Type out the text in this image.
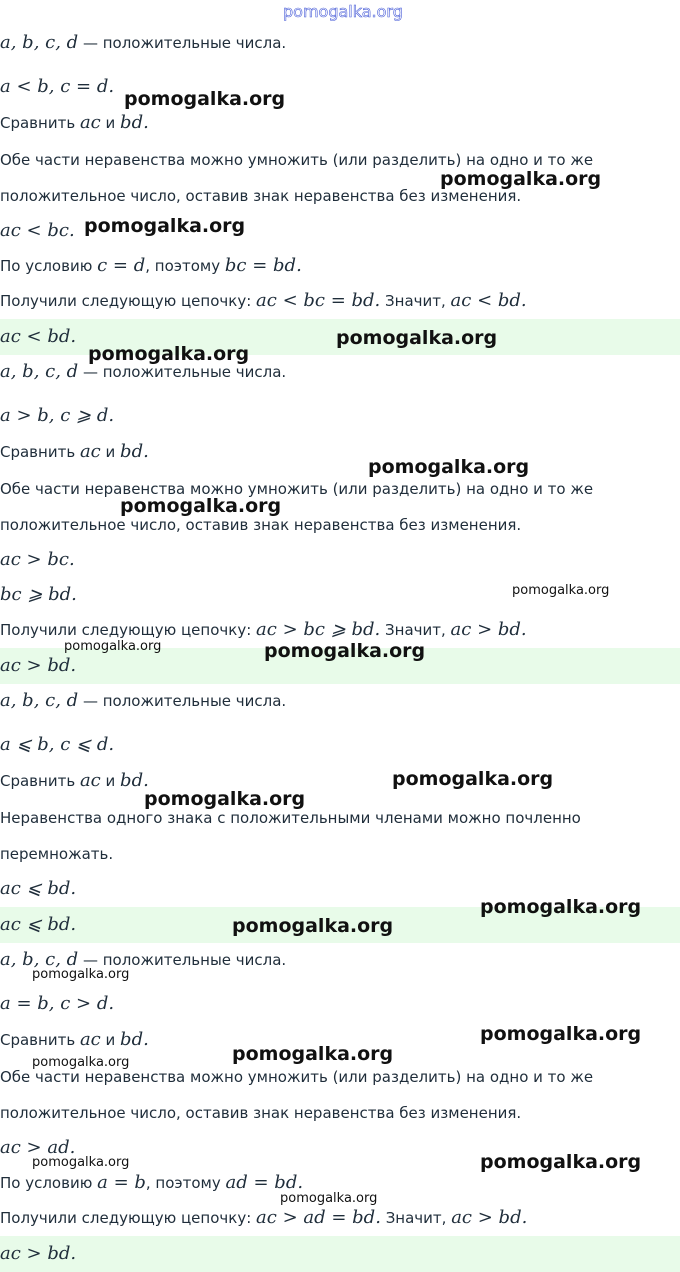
pomogalka.org
a, b, c, d — положительные числа.
a < b, c = d.
Сравнить ac и bd.
Обе части неравенства можно умножить (или разделить) на одно и то же
положительное число, оставив знак неравенства без изменения.
ac < bc.
По условию c = d, поэтому bc = bd.
Получили следующую цепочку: ac < bc = bd. Значит, ac < bd.
ac < bd.
a, b, c, d — положительные числа.
a > b, c ⩾ d.
Сравнить ac и bd.
Обе части неравенства можно умножить (или разделить) на одно и то же
положительное число, оставив знак неравенства без изменения.
ac > bc.
bc ⩾ bd.
Получили следующую цепочку: ac > bc ⩾ bd. Значит, ac > bd.
ac > bd.
a, b, c, d — положительные числа.
a ⩽ b, c ⩽ d.
Сравнить ac и bd.
Неравенства одного знака с положительными членами можно почленно
перемножать.
ac ⩽ bd.
ac ⩽ bd.
a, b, c, d — положительные числа.
a = b, c > d.
Сравнить ac и bd.
Обе части неравенства можно умножить (или разделить) на одно и то же
положительное число, оставив знак неравенства без изменения.
ac > ad.
По условию a = b, поэтому ad = bd.
Получили следующую цепочку: ac > ad = bd. Значит, ac > bd.
ac > bd.
pomogalka.org
pomogalka.org
pomogalka.org
pomogalka.org
pomogalka.org
pomogalka.org
pomogalka.org
pomogalka.org
pomogalka.org	pomogalka.org
pomogalka.org
pomogalka.org
pomogalka.org
pomogalka.org
pomogalka.org
pomogalka.org
pomogalka.org
pomogalka.org
pomogalka.org	pomogalka.org
pomogalka.org
